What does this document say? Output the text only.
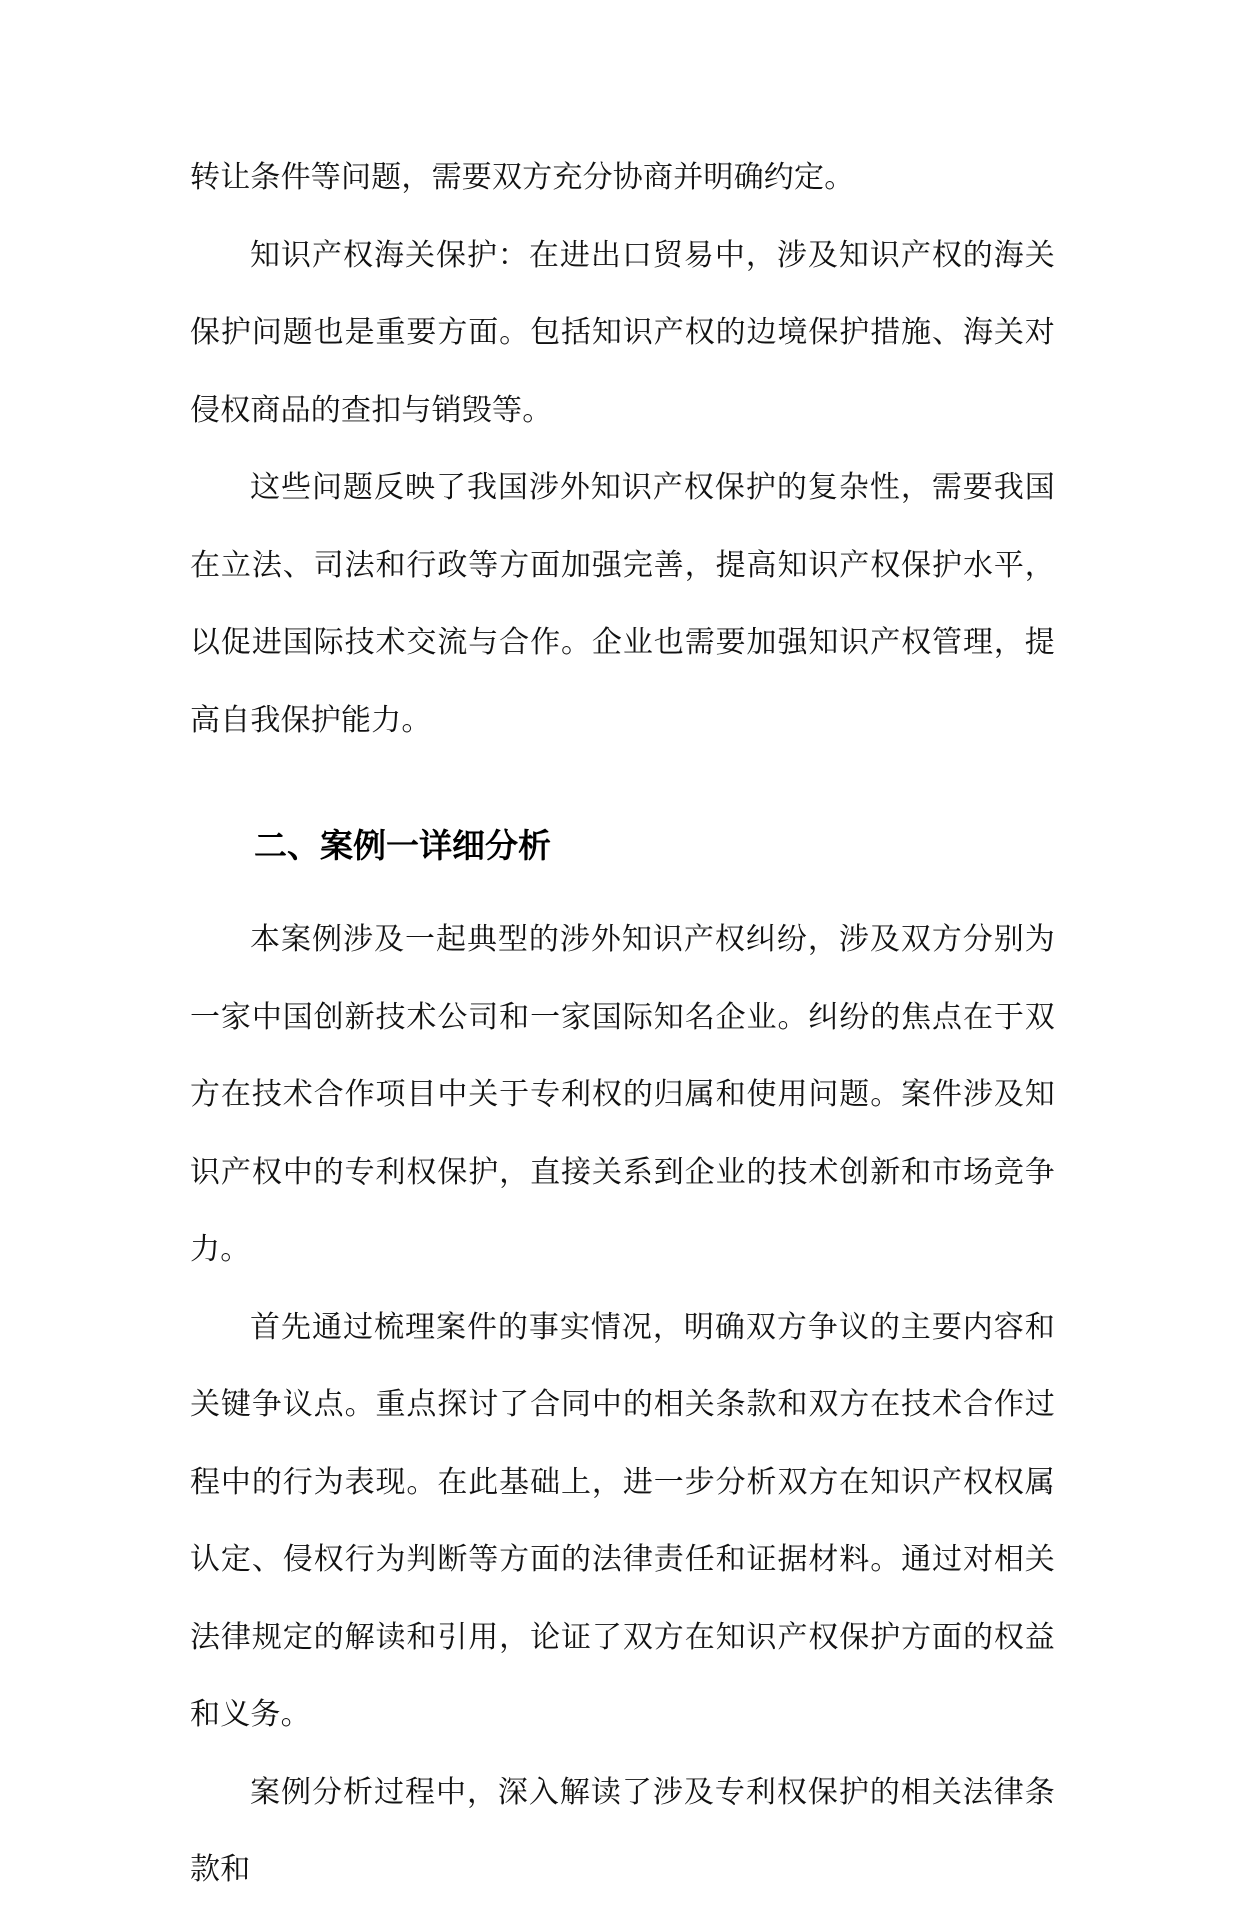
转让条件等问题，需要双方充分协商并明确约定。

知识产权海关保护：在进出口贸易中，涉及知识产权的海关保护问题也是重要方面。包括知识产权的边境保护措施、海关对侵权商品的查扣与销毁等。

这些问题反映了我国涉外知识产权保护的复杂性，需要我国在立法、司法和行政等方面加强完善，提高知识产权保护水平，以促进国际技术交流与合作。企业也需要加强知识产权管理，提高自我保护能力。

二、案例一详细分析

本案例涉及一起典型的涉外知识产权纠纷，涉及双方分别为一家中国创新技术公司和一家国际知名企业。纠纷的焦点在于双方在技术合作项目中关于专利权的归属和使用问题。案件涉及知识产权中的专利权保护，直接关系到企业的技术创新和市场竞争力。

首先通过梳理案件的事实情况，明确双方争议的主要内容和关键争议点。重点探讨了合同中的相关条款和双方在技术合作过程中的行为表现。在此基础上，进一步分析双方在知识产权权属认定、侵权行为判断等方面的法律责任和证据材料。通过对相关法律规定的解读和引用，论证了双方在知识产权保护方面的权益和义务。

案例分析过程中，深入解读了涉及专利权保护的相关法律条款和
